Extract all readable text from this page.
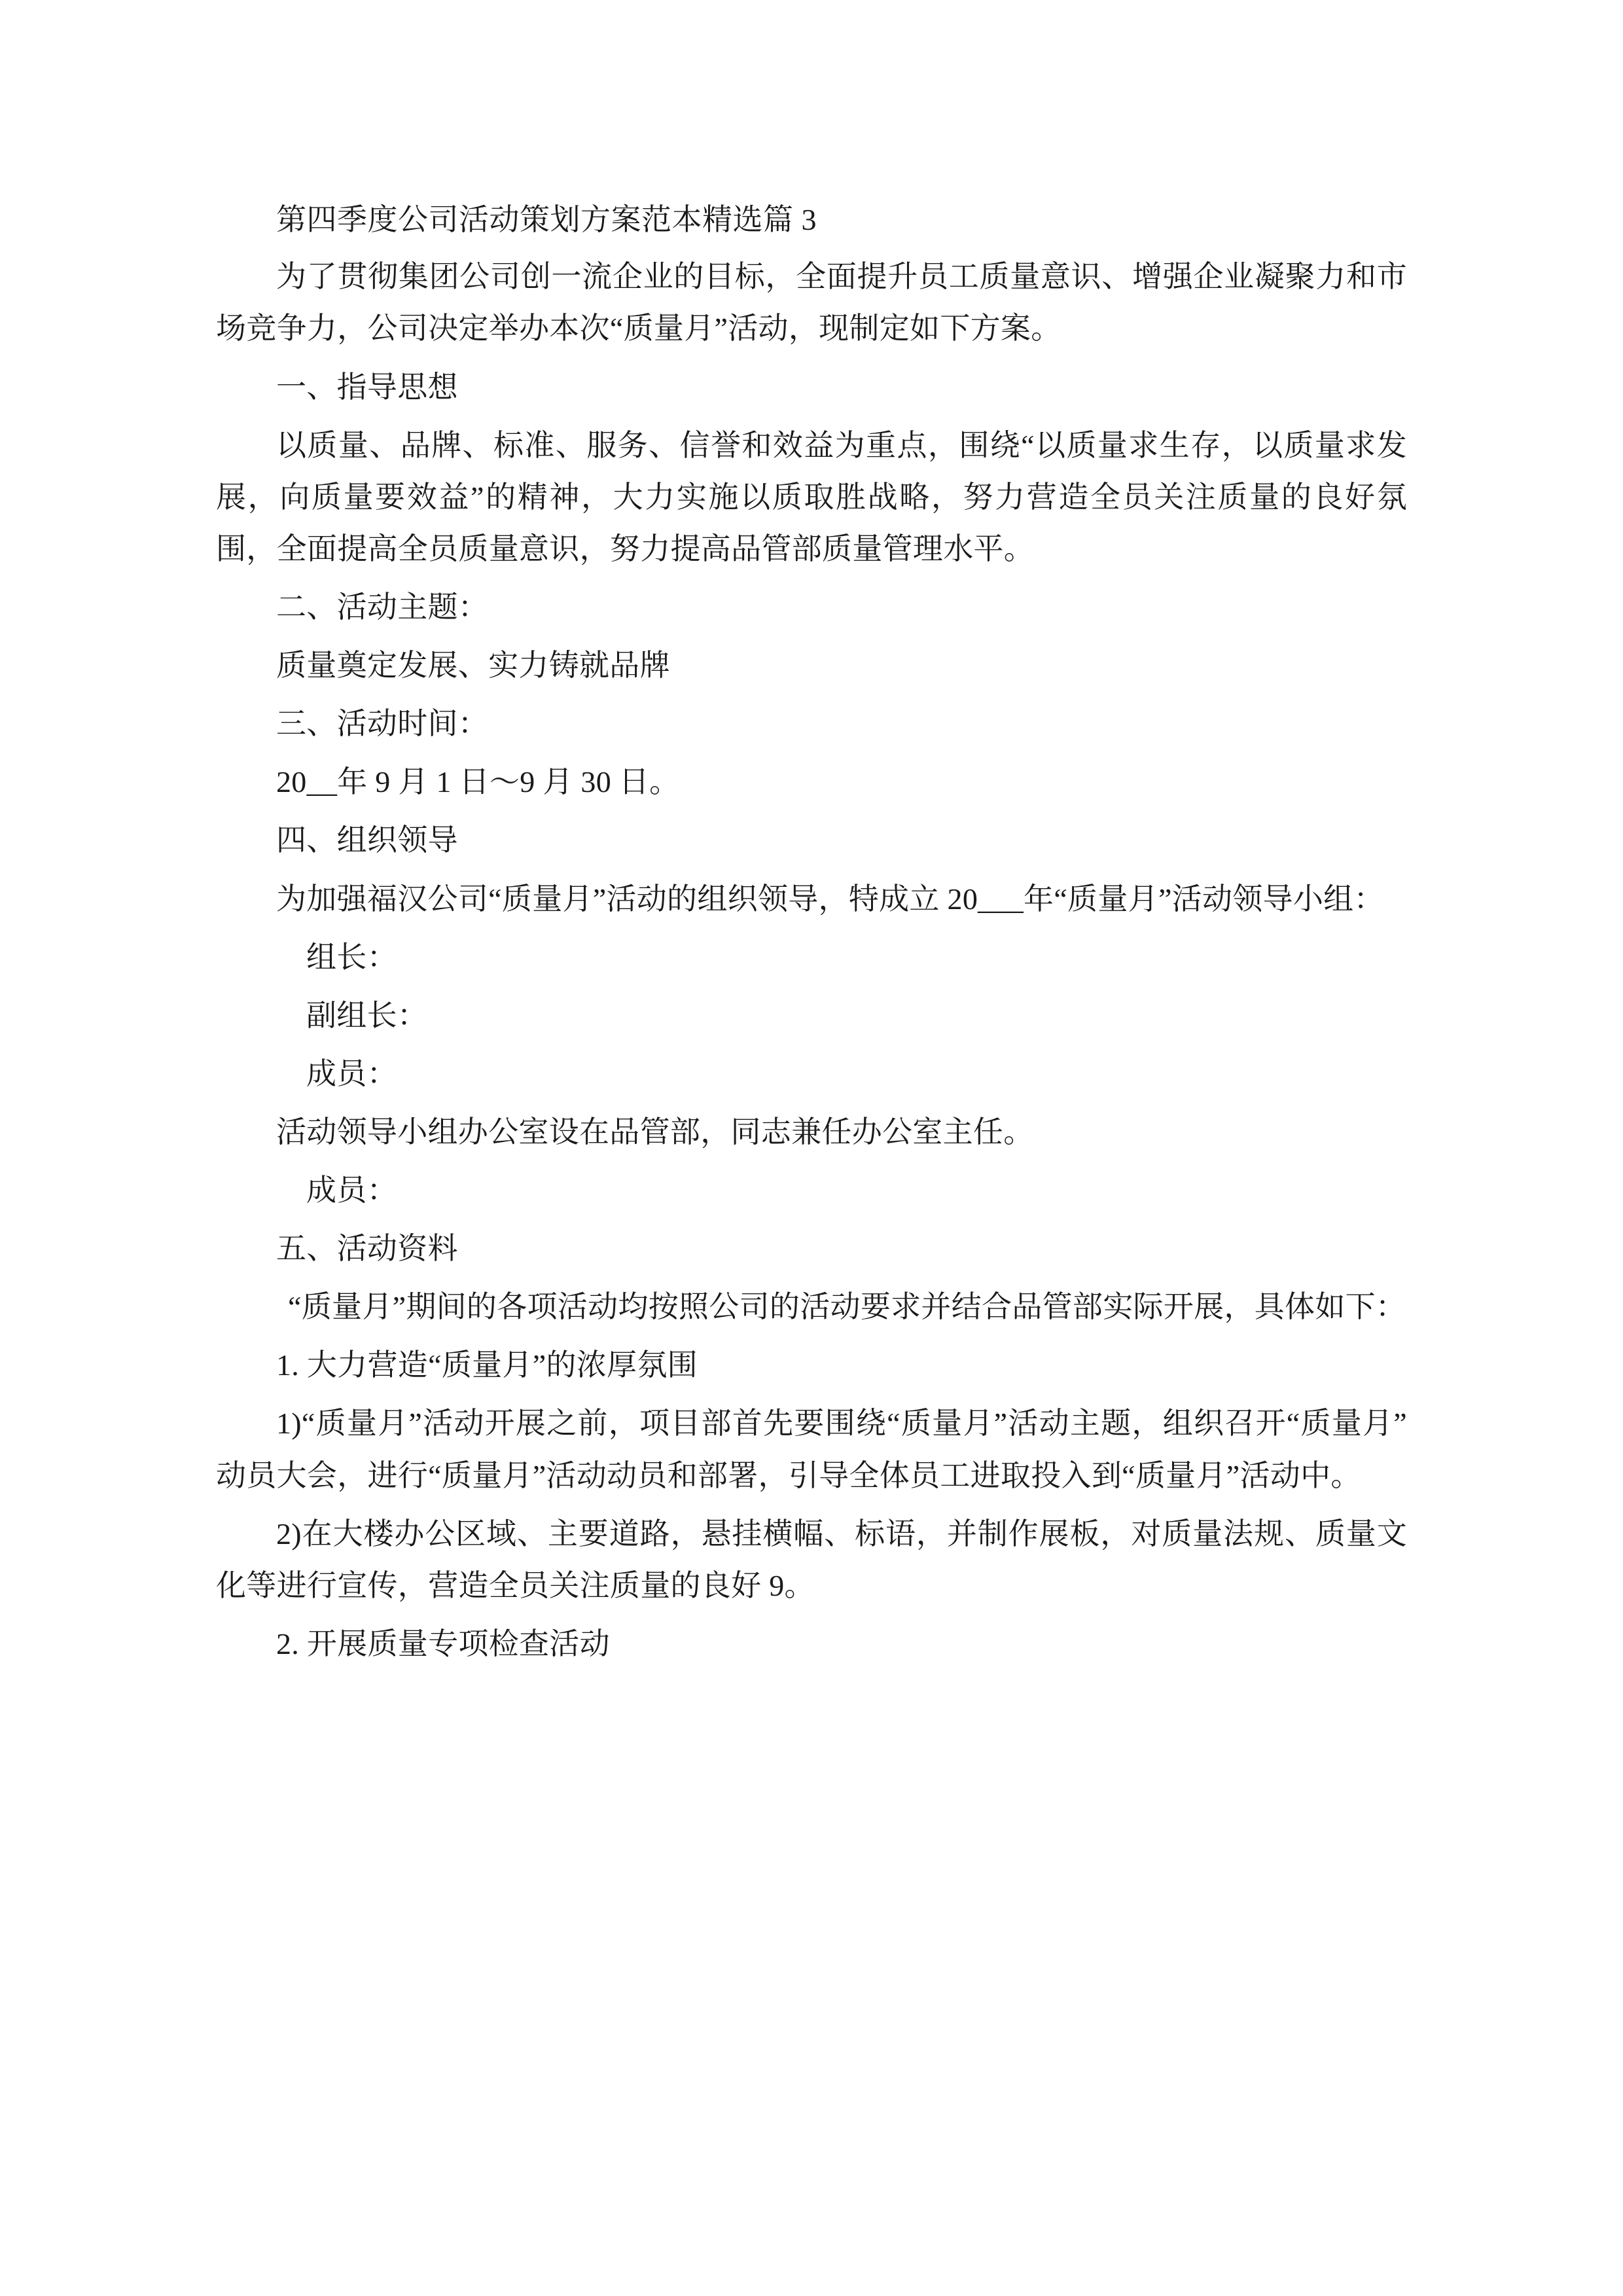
第四季度公司活动策划方案范本精选篇 3

为了贯彻集团公司创一流企业的目标，全面提升员工质量意识、增强企业凝聚力和市场竞争力，公司决定举办本次“质量月”活动，现制定如下方案。

一、指导思想

以质量、品牌、标准、服务、信誉和效益为重点，围绕“以质量求生存，以质量求发展，向质量要效益”的精神，大力实施以质取胜战略，努力营造全员关注质量的良好氛围，全面提高全员质量意识，努力提高品管部质量管理水平。

二、活动主题：

质量奠定发展、实力铸就品牌

三、活动时间：

20__年 9 月 1 日～9 月 30 日。

四、组织领导

为加强福汉公司“质量月”活动的组织领导，特成立 20___年“质量月”活动领导小组：

组长：

副组长：

成员：

活动领导小组办公室设在品管部，同志兼任办公室主任。

成员：

五、活动资料

“质量月”期间的各项活动均按照公司的活动要求并结合品管部实际开展，具体如下：

1. 大力营造“质量月”的浓厚氛围

1)“质量月”活动开展之前，项目部首先要围绕“质量月”活动主题，组织召开“质量月”动员大会，进行“质量月”活动动员和部署，引导全体员工进取投入到“质量月”活动中。

2)在大楼办公区域、主要道路，悬挂横幅、标语，并制作展板，对质量法规、质量文化等进行宣传，营造全员关注质量的良好 9。

2. 开展质量专项检查活动
